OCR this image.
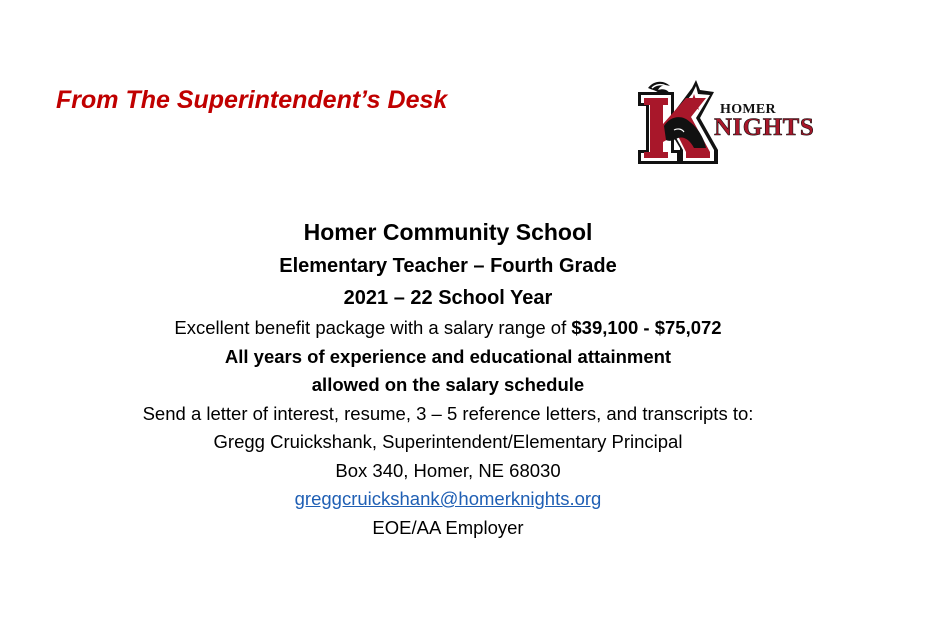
From The Superintendent’s Desk	HOMER
NIGHTS
Homer Community School
Elementary Teacher – Fourth Grade
2021 – 22 School Year
Excellent benefit package with a salary range of $39,100 - $75,072
All years of experience and educational attainment
allowed on the salary schedule
Send a letter of interest, resume, 3 – 5 reference letters, and transcripts to:
Gregg Cruickshank, Superintendent/Elementary Principal
Box 340, Homer, NE 68030
greggcruickshank@homerknights.org
EOE/AA Employer
